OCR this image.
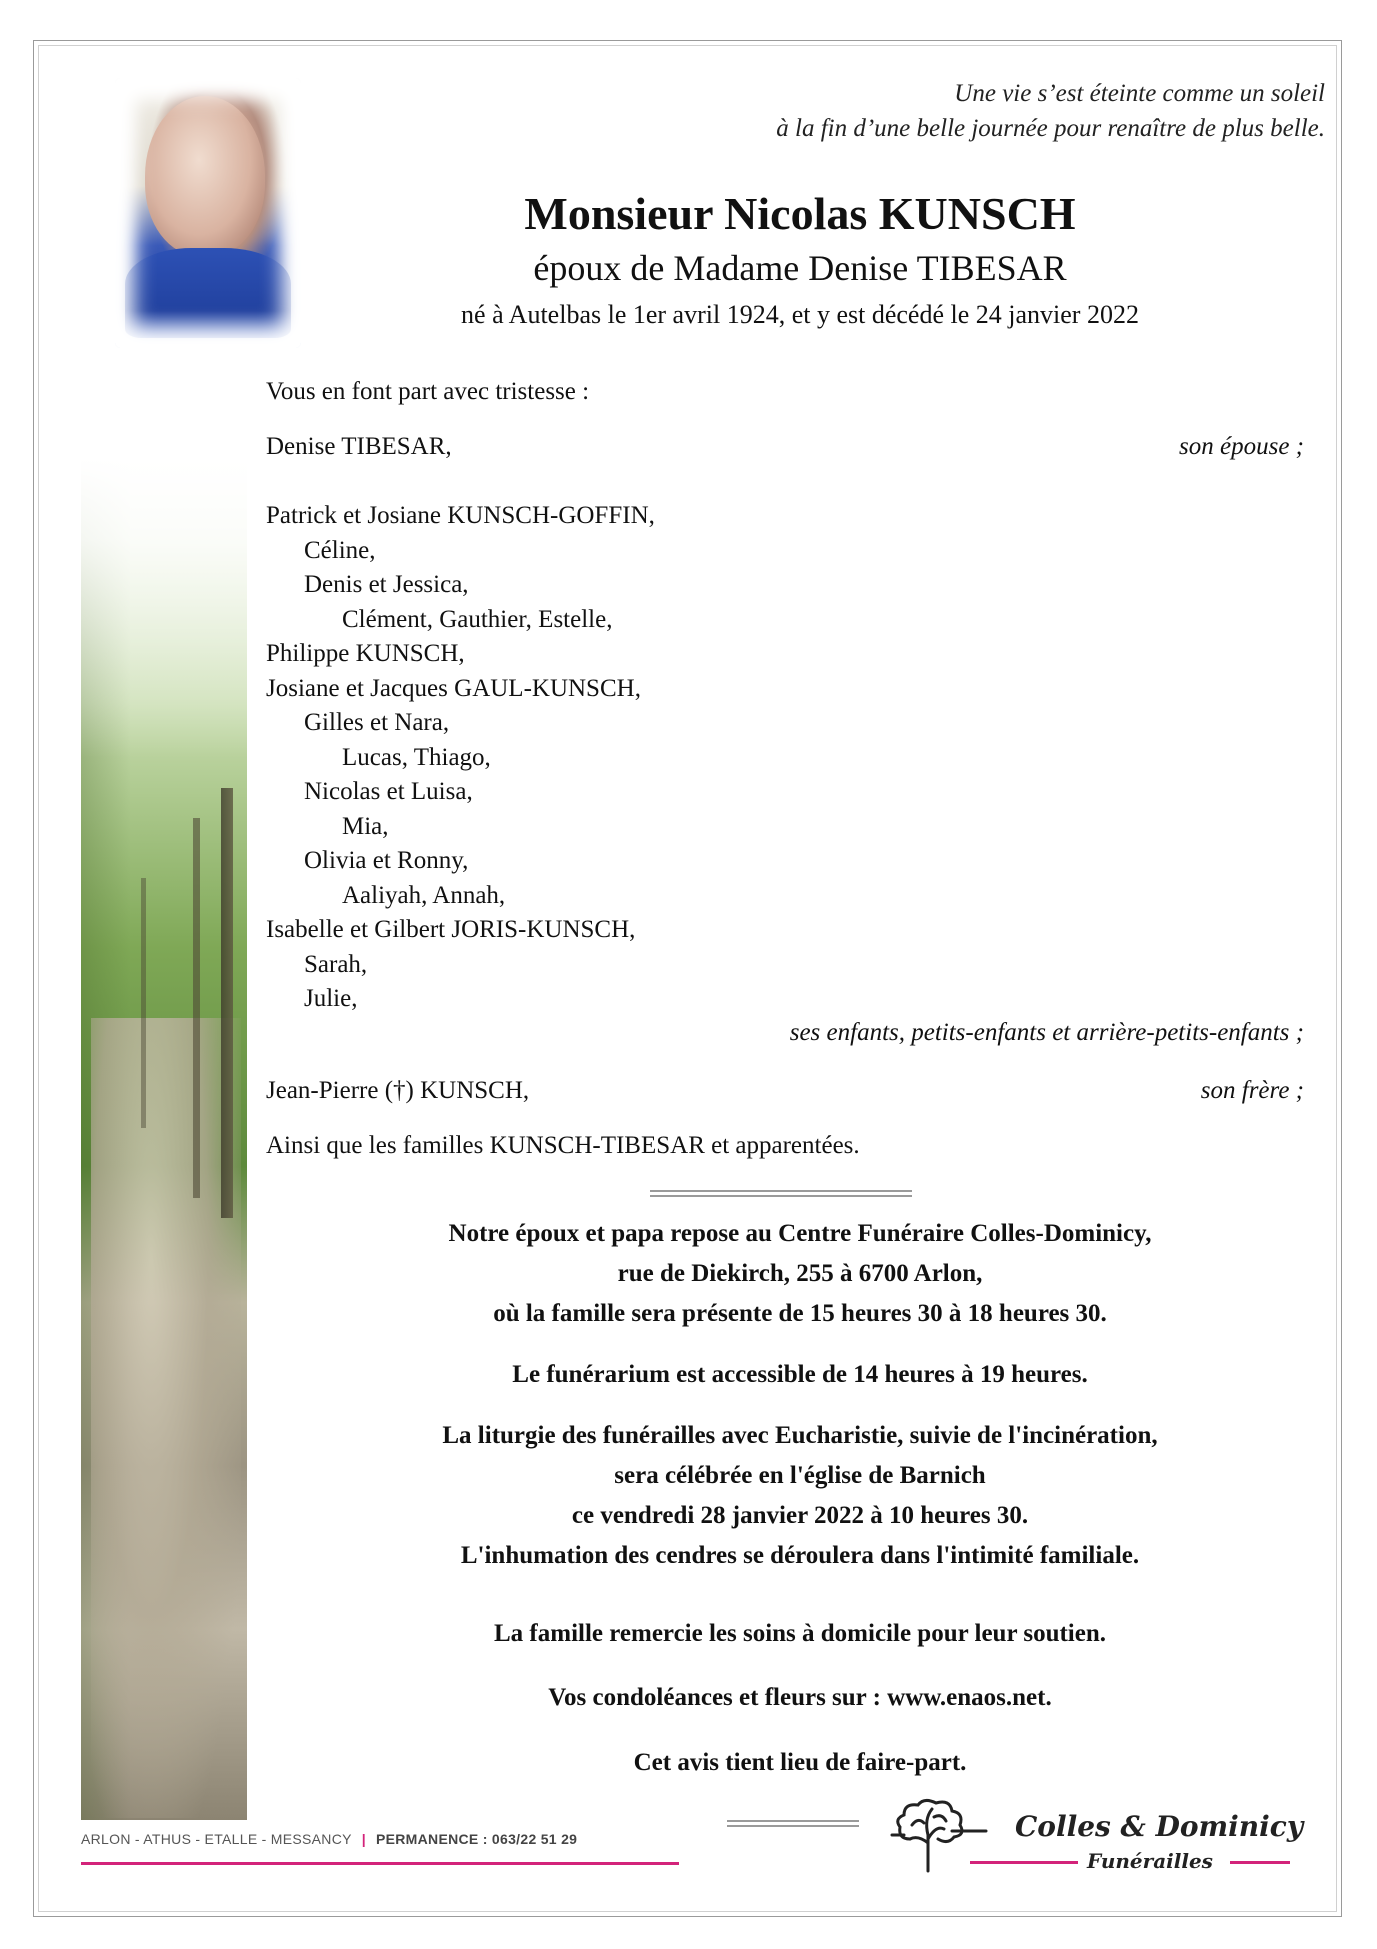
Une vie s’est éteinte comme un soleil
à la fin d’une belle journée pour renaître de plus belle.
Monsieur Nicolas KUNSCH
époux de Madame Denise TIBESAR
né à Autelbas le 1er avril 1924, et y est décédé le 24 janvier 2022
Vous en font part avec tristesse :
Denise TIBESAR,	son épouse ;
Patrick et Josiane KUNSCH-GOFFIN,
Céline,
Denis et Jessica,
Clément, Gauthier, Estelle,
Philippe KUNSCH,
Josiane et Jacques GAUL-KUNSCH,
Gilles et Nara,
Lucas, Thiago,
Nicolas et Luisa,
Mia,
Olivia et Ronny,
Aaliyah, Annah,
Isabelle et Gilbert JORIS-KUNSCH,
Sarah,
Julie,
ses enfants, petits-enfants et arrière-petits-enfants ;
Jean-Pierre (†) KUNSCH,	son frère ;
Ainsi que les familles KUNSCH-TIBESAR et apparentées.
Notre époux et papa repose au Centre Funéraire Colles-Dominicy,
rue de Diekirch, 255 à 6700 Arlon,
où la famille sera présente de 15 heures 30 à 18 heures 30.
Le funérarium est accessible de 14 heures à 19 heures.
La liturgie des funérailles avec Eucharistie, suivie de l'incinération,
sera célébrée en l'église de Barnich
ce vendredi 28 janvier 2022 à 10 heures 30.
L'inhumation des cendres se déroulera dans l'intimité familiale.
La famille remercie les soins à domicile pour leur soutien.
Vos condoléances et fleurs sur : www.enaos.net.
Cet avis tient lieu de faire-part.
ARLON - ATHUS - ETALLE - MESSANCY | PERMANENCE : 063/22 51 29	Colles & Dominicy
Funérailles
